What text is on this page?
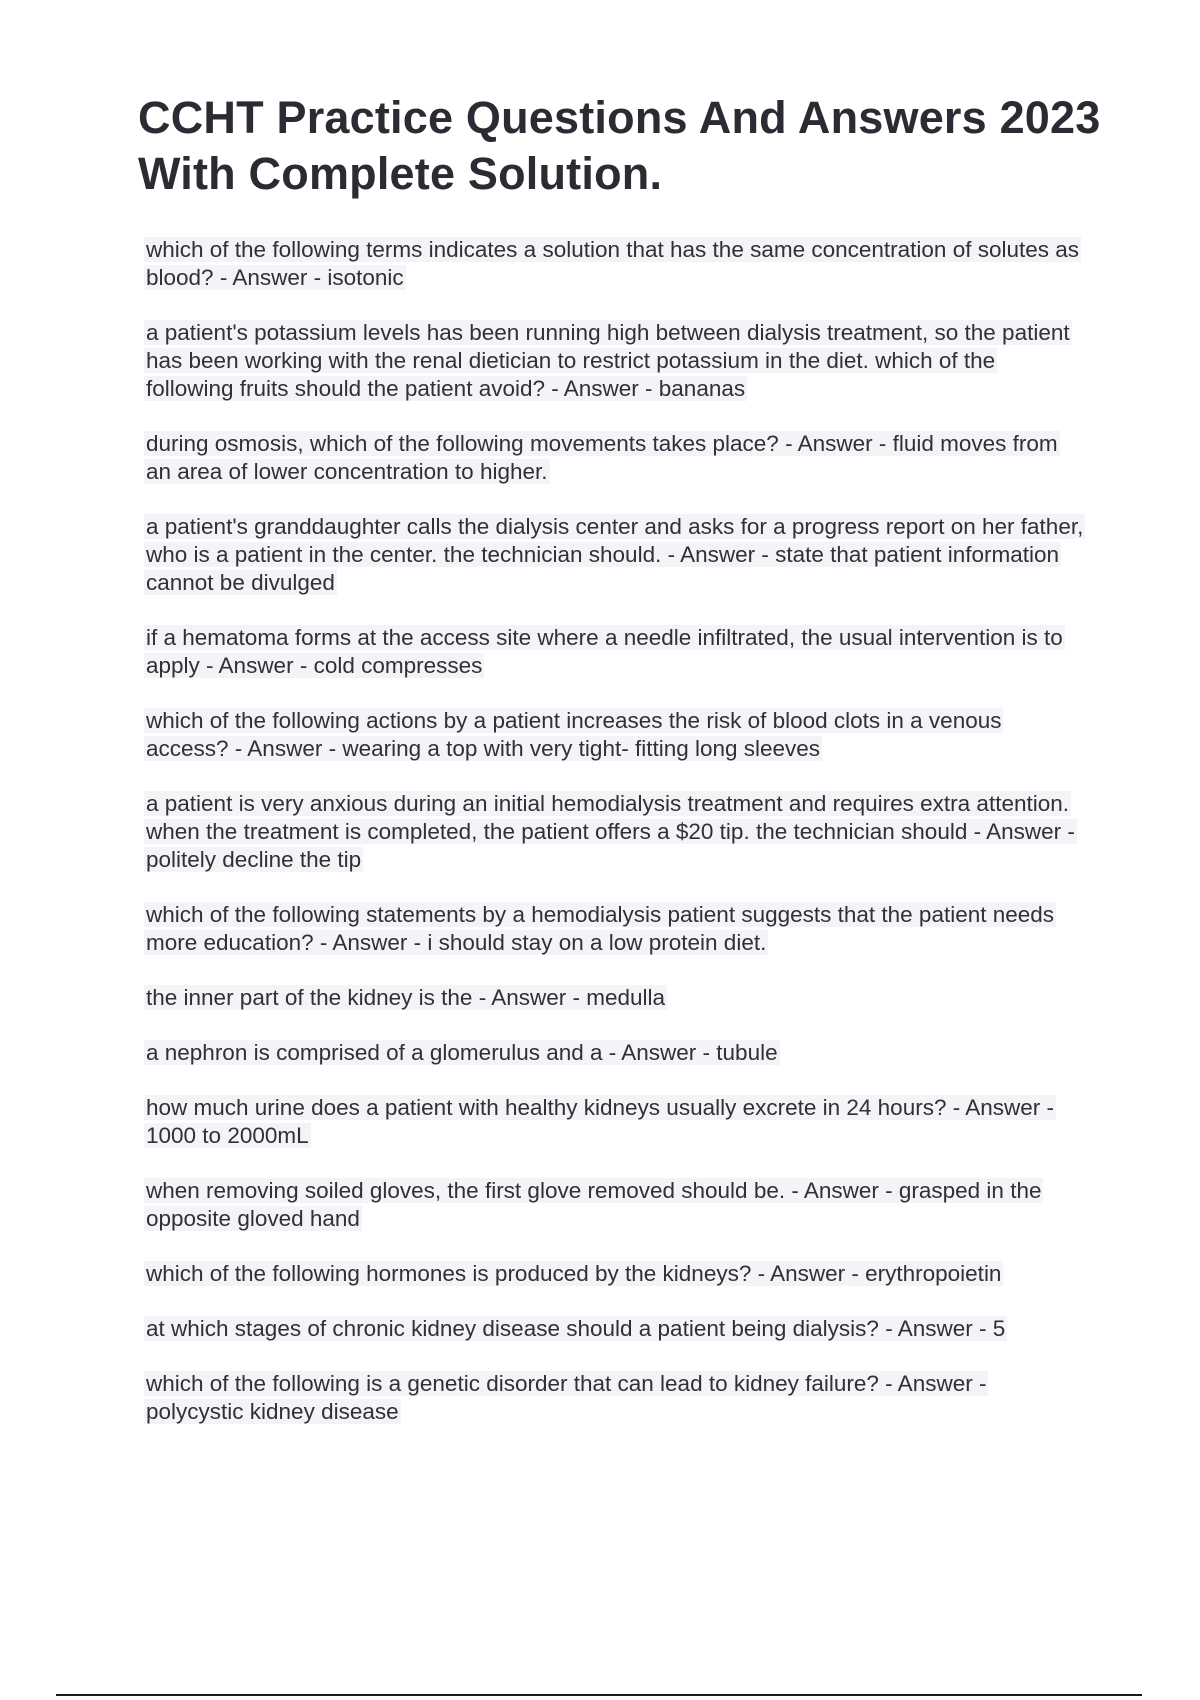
CCHT Practice Questions And Answers 2023
With Complete Solution.
which of the following terms indicates a solution that has the same concentration of solutes as blood? - Answer - isotonic
a patient's potassium levels has been running high between dialysis treatment, so the patient has been working with the renal dietician to restrict potassium in the diet. which of the following fruits should the patient avoid? - Answer - bananas
during osmosis, which of the following movements takes place? - Answer - fluid moves from an area of lower concentration to higher.
a patient's granddaughter calls the dialysis center and asks for a progress report on her father, who is a patient in the center. the technician should. - Answer - state that patient information cannot be divulged
if a hematoma forms at the access site where a needle infiltrated, the usual intervention is to apply - Answer - cold compresses
which of the following actions by a patient increases the risk of blood clots in a venous access? - Answer - wearing a top with very tight- fitting long sleeves
a patient is very anxious during an initial hemodialysis treatment and requires extra attention. when the treatment is completed, the patient offers a $20 tip. the technician should - Answer - politely decline the tip
which of the following statements by a hemodialysis patient suggests that the patient needs more education? - Answer - i should stay on a low protein diet.
the inner part of the kidney is the - Answer - medulla
a nephron is comprised of a glomerulus and a - Answer - tubule
how much urine does a patient with healthy kidneys usually excrete in 24 hours? - Answer - 1000 to 2000mL
when removing soiled gloves, the first glove removed should be. - Answer - grasped in the opposite gloved hand
which of the following hormones is produced by the kidneys? - Answer - erythropoietin
at which stages of chronic kidney disease should a patient being dialysis? - Answer - 5
which of the following is a genetic disorder that can lead to kidney failure? - Answer - polycystic kidney disease
